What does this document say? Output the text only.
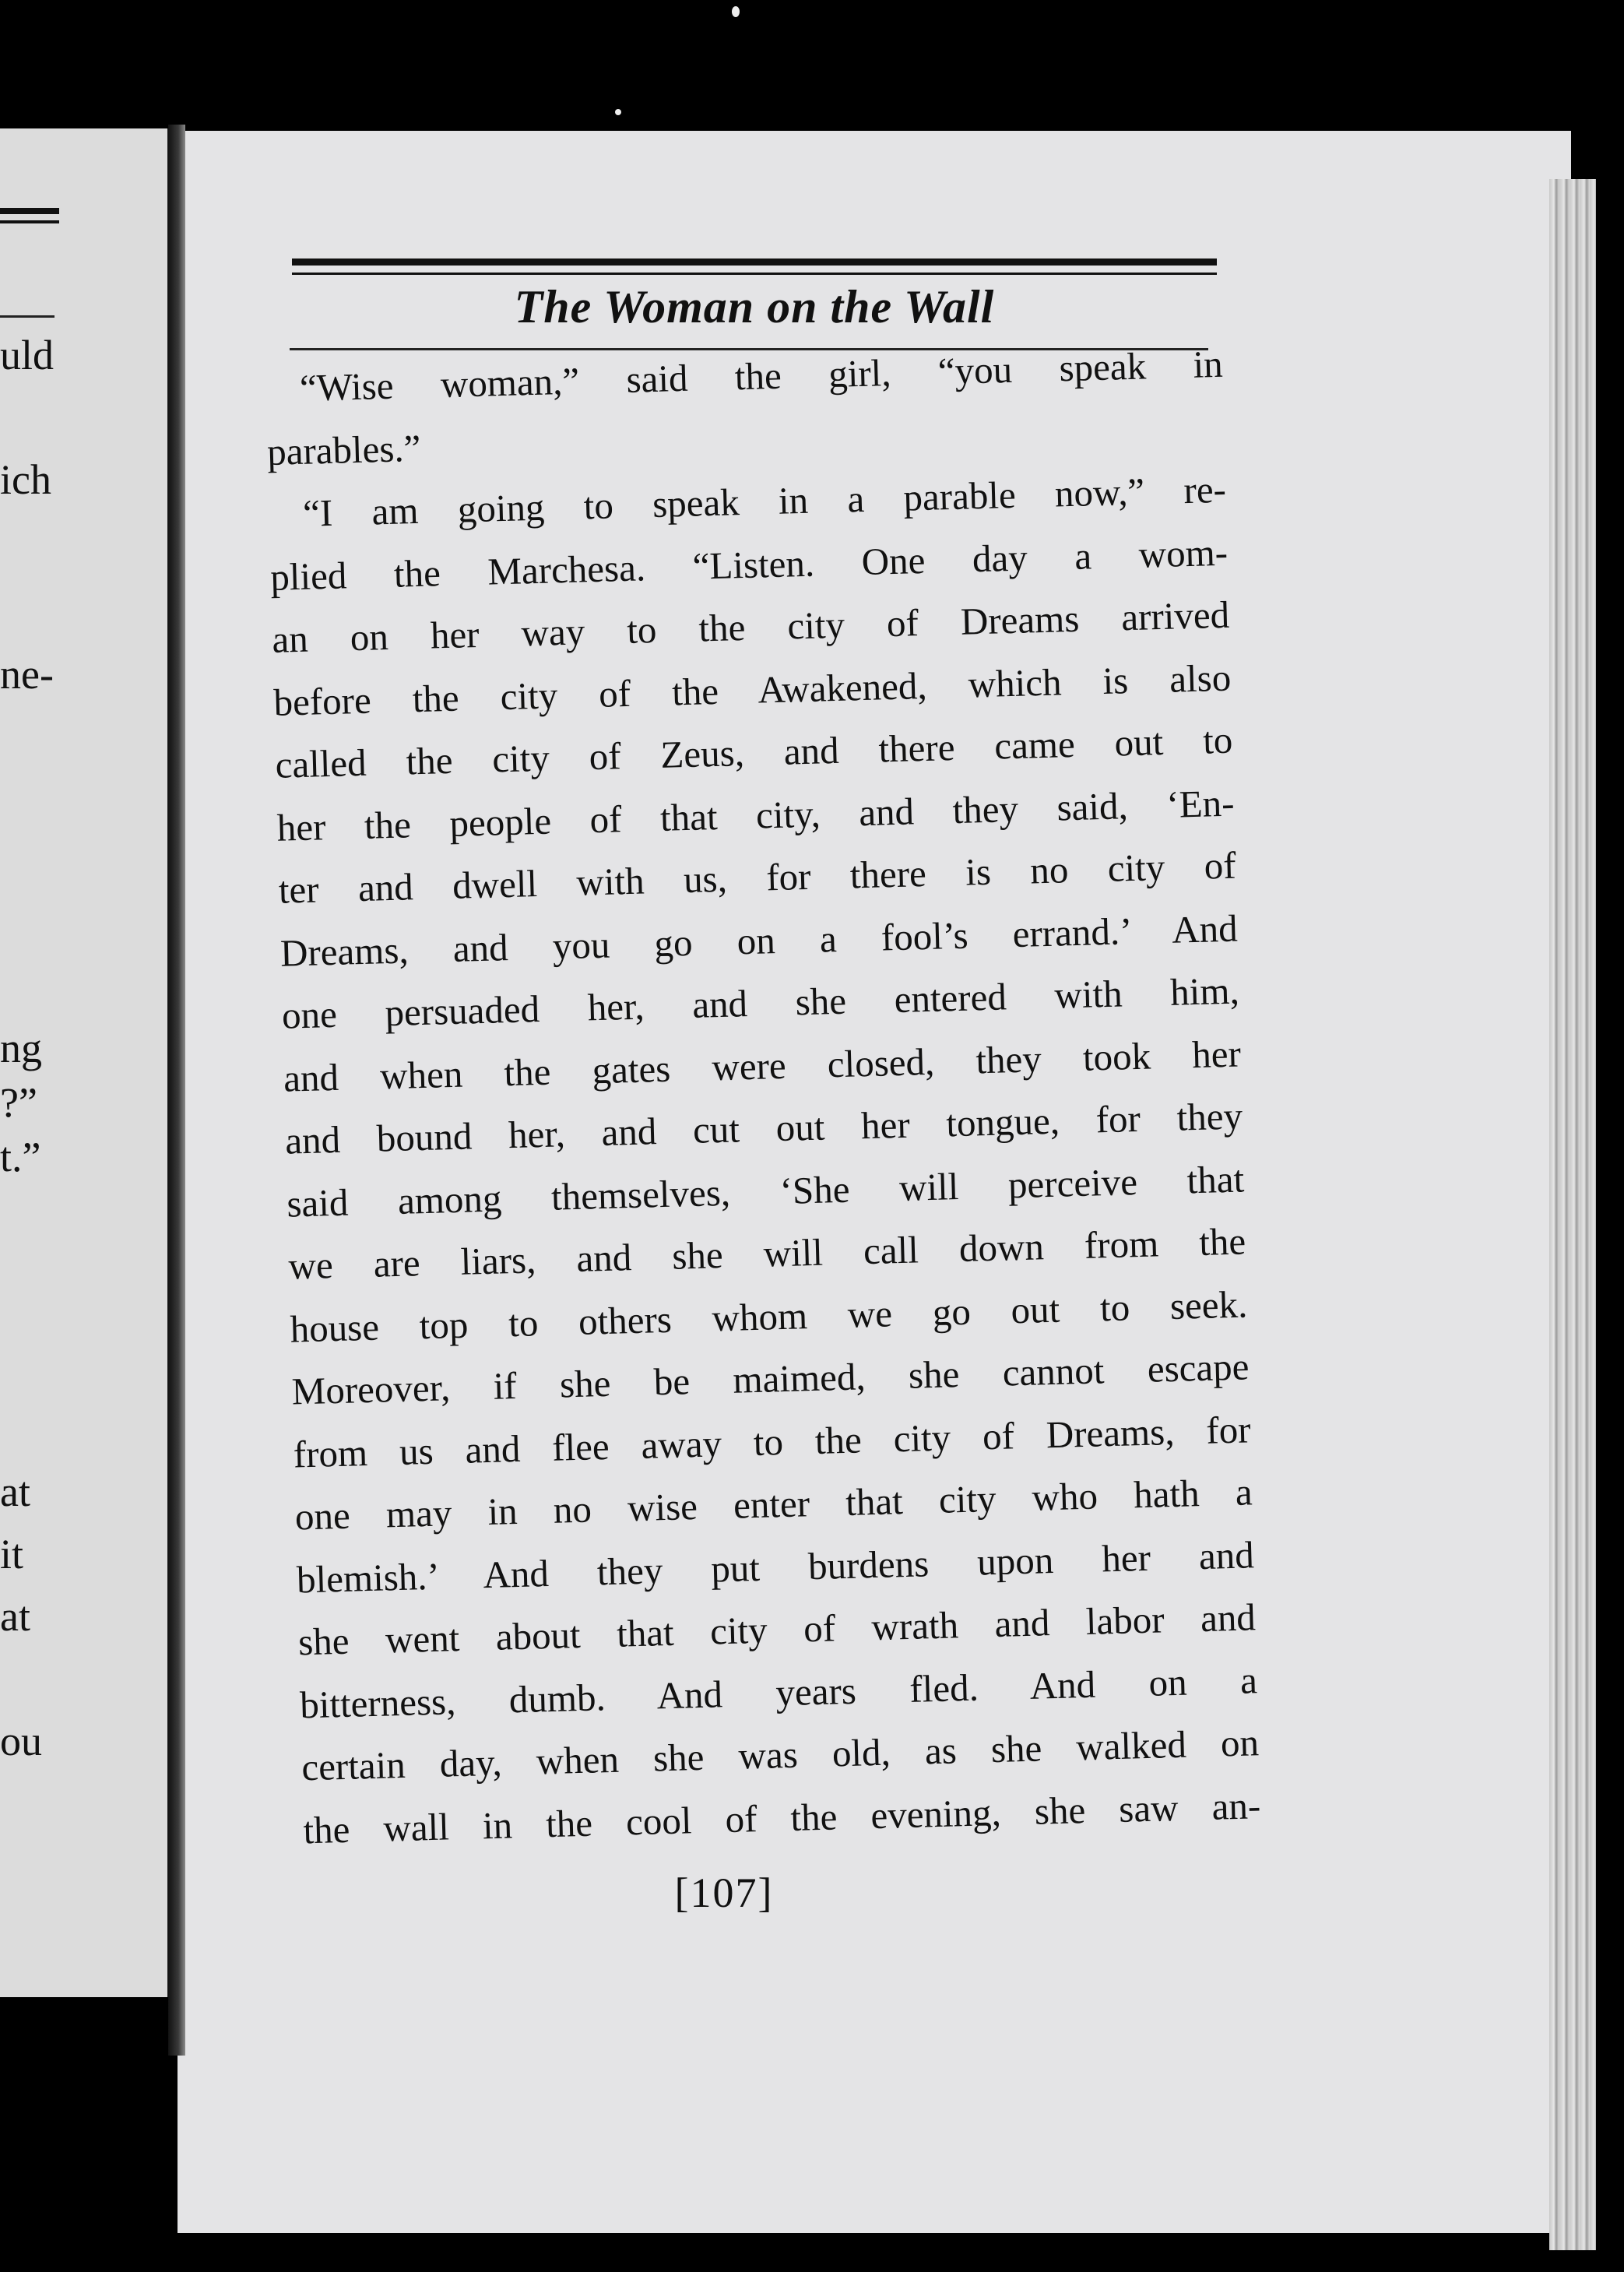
uld
ich
ne-
ng
?”
t.”
at
it
at
ou
The Woman on the Wall
“Wise woman,” said the girl, “you speak in
parables.”
“I am going to speak in a parable now,” re-
plied the Marchesa. “Listen. One day a wom-
an on her way to the city of Dreams arrived
before the city of the Awakened, which is also
called the city of Zeus, and there came out to
her the people of that city, and they said, ‘En-
ter and dwell with us, for there is no city of
Dreams, and you go on a fool’s errand.’ And
one persuaded her, and she entered with him,
and when the gates were closed, they took her
and bound her, and cut out her tongue, for they
said among themselves, ‘She will perceive that
we are liars, and she will call down from the
house top to others whom we go out to seek.
Moreover, if she be maimed, she cannot escape
from us and flee away to the city of Dreams, for
one may in no wise enter that city who hath a
blemish.’ And they put burdens upon her and
she went about that city of wrath and labor and
bitterness, dumb. And years fled. And on a
certain day, when she was old, as she walked on
the wall in the cool of the evening, she saw an-
[107]
